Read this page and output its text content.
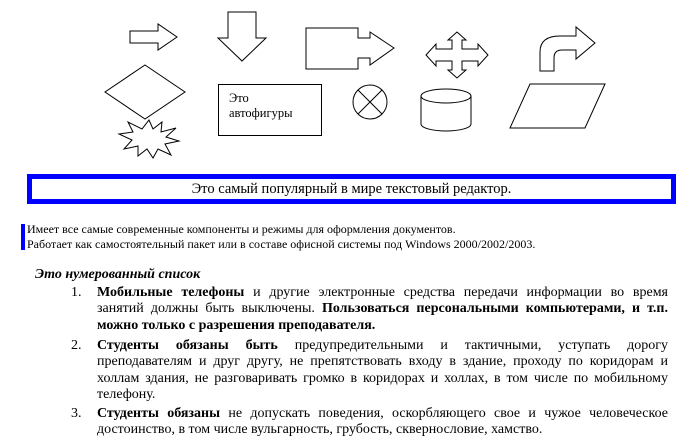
Это
автофигуры
Это самый популярный в мире текстовый редактор.
Имеет все самые современные компоненты и режимы для оформления документов.
Работает как самостоятельный пакет или в составе офисной системы под Windows 2000/2002/2003.
Это нумерованный список
1. Мобильные телефоны и другие электронные средства передачи информации во время занятий должны быть выключены. Пользоваться персональными компьютерами, и т.п. можно только с разрешения преподавателя.
2. Студенты обязаны быть предупредительными и тактичными, уступать дорогу преподавателям и друг другу, не препятствовать входу в здание, проходу по коридорам и холлам здания, не разговаривать громко в коридорах и холлах, в том числе по мобильному телефону.
3. Студенты обязаны не допускать поведения, оскорбляющего свое и чужое человеческое достоинство, в том числе вульгарность, грубость, сквернословие, хамство.
